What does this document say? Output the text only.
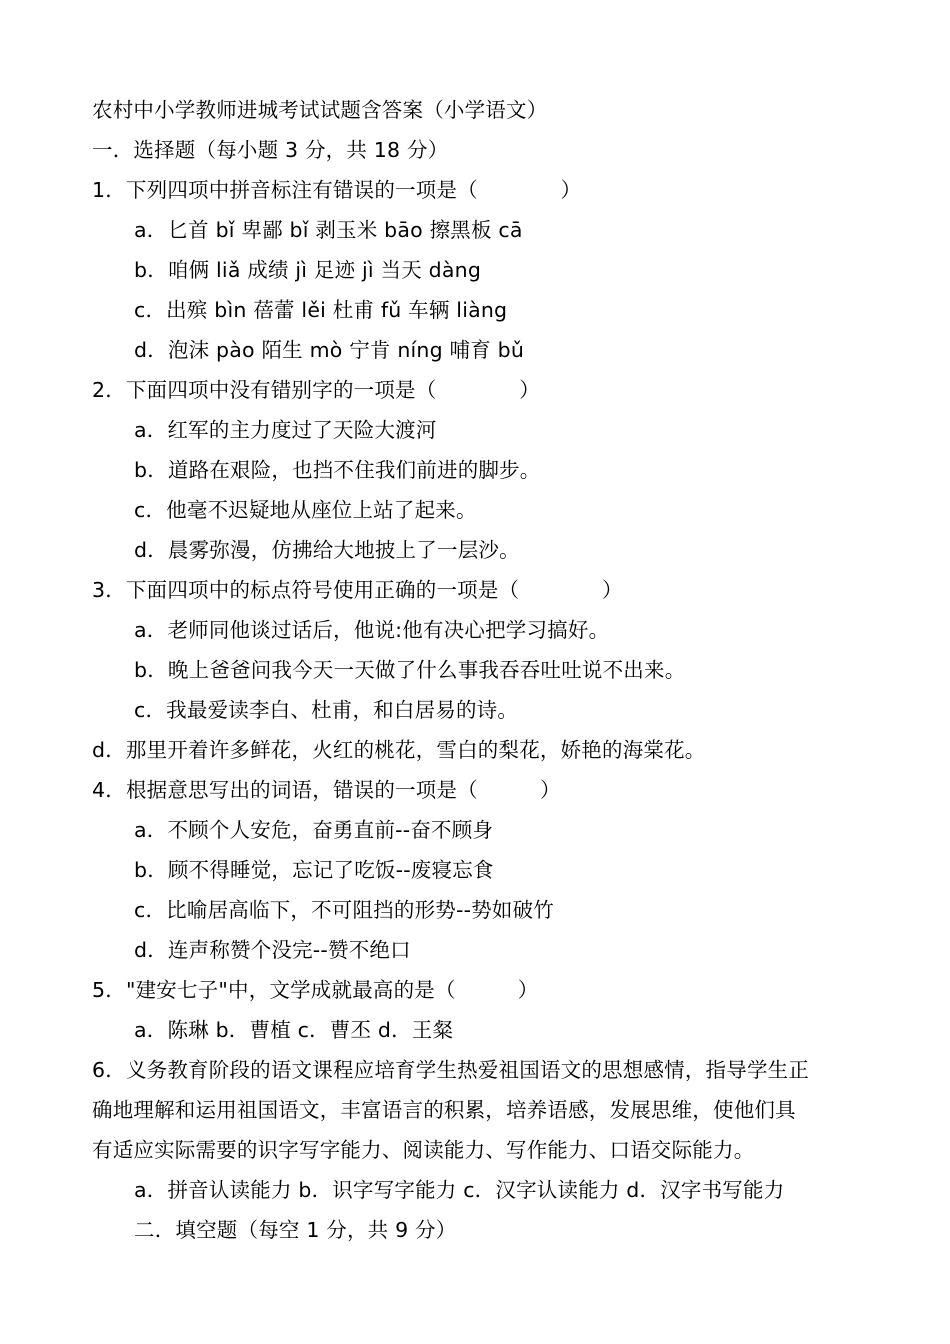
农村中小学教师进城考试试题含答案（小学语文）
一．选择题（每小题 3 分，共 18 分）
1．下列四项中拼音标注有错误的一项是（　　　　）
a．匕首 bǐ 卑鄙 bǐ 剥玉米 bāo 擦黑板 cā
b．咱俩 liǎ 成绩 jì 足迹 jì 当天 dàng
c．出殡 bìn 蓓蕾 lěi 杜甫 fǔ 车辆 liàng
d．泡沫 pào 陌生 mò 宁肯 níng 哺育 bǔ
2．下面四项中没有错别字的一项是（　　　　）
a．红军的主力度过了天险大渡河
b．道路在艰险，也挡不住我们前进的脚步。
c．他毫不迟疑地从座位上站了起来。
d．晨雾弥漫，仿拂给大地披上了一层沙。
3．下面四项中的标点符号使用正确的一项是（　　　　）
a．老师同他谈过话后，他说:他有决心把学习搞好。
b．晚上爸爸问我今天一天做了什么事我吞吞吐吐说不出来。
c．我最爱读李白、杜甫，和白居易的诗。
d．那里开着许多鲜花，火红的桃花，雪白的梨花，娇艳的海棠花。
4．根据意思写出的词语，错误的一项是（　　　）
a．不顾个人安危，奋勇直前--奋不顾身
b．顾不得睡觉，忘记了吃饭--废寝忘食
c．比喻居高临下，不可阻挡的形势--势如破竹
d．连声称赞个没完--赞不绝口
5．"建安七子"中，文学成就最高的是（　　　）
a．陈琳 b．曹植 c．曹丕 d．王粲
6．义务教育阶段的语文课程应培育学生热爱祖国语文的思想感情，指导学生正
确地理解和运用祖国语文，丰富语言的积累，培养语感，发展思维，使他们具
有适应实际需要的识字写字能力、阅读能力、写作能力、口语交际能力。
a．拼音认读能力 b．识字写字能力 c．汉字认读能力 d．汉字书写能力
二．填空题（每空 1 分，共 9 分）
